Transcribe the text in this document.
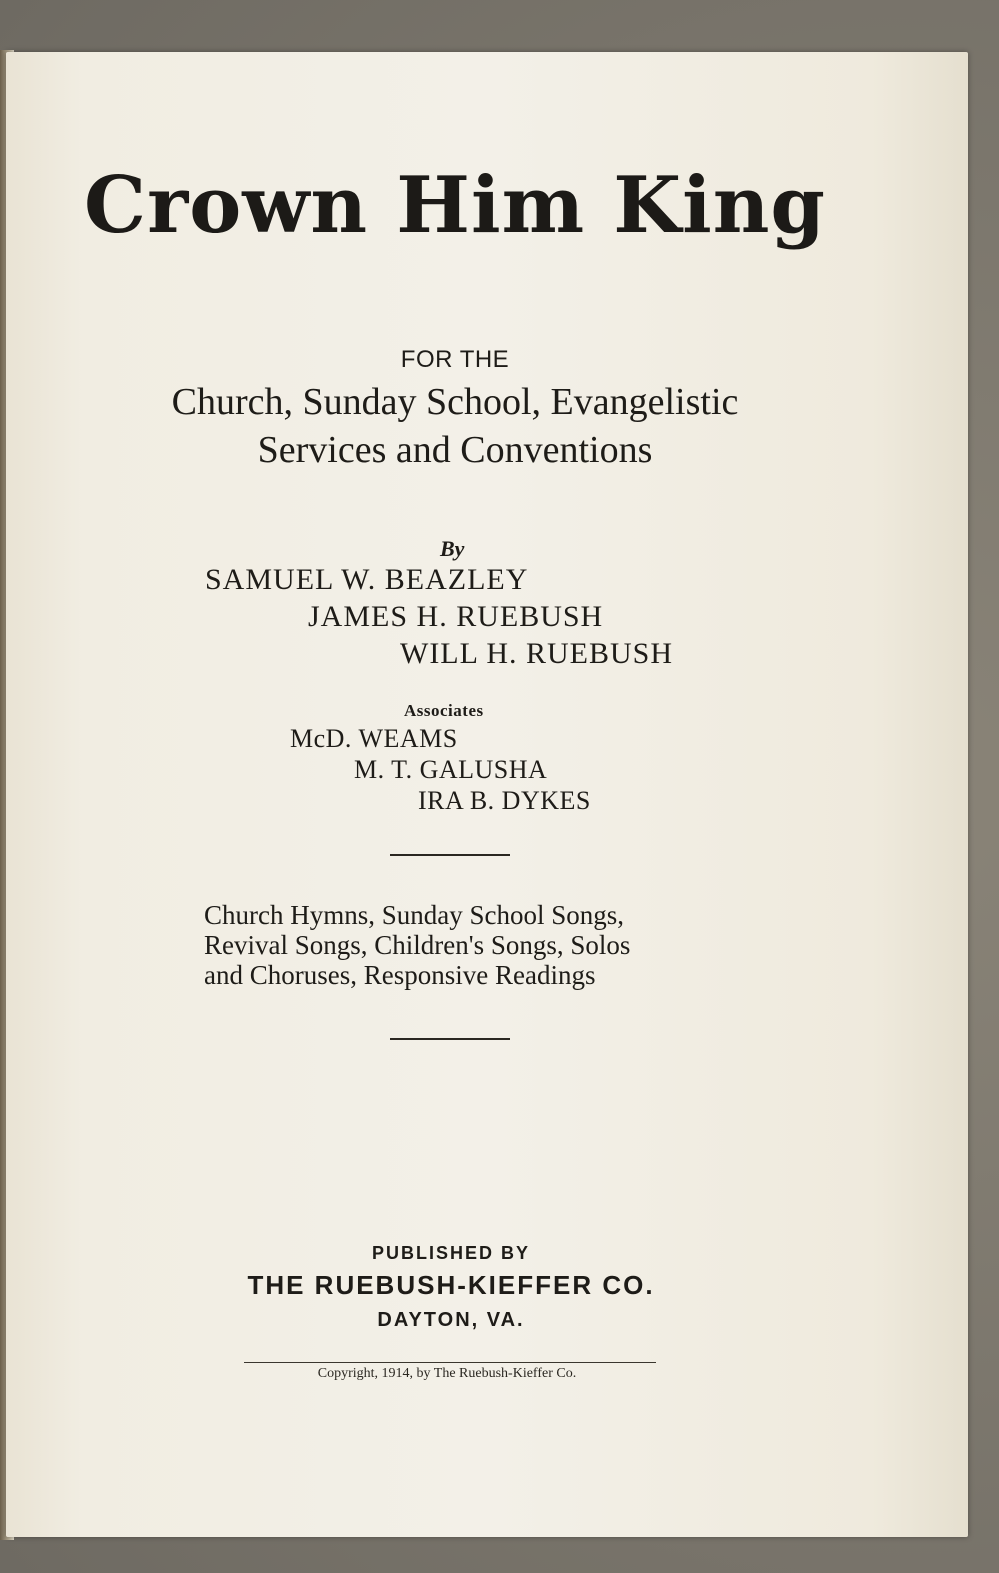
Crown Him King
FOR THE
Church, Sunday School, Evangelistic
Services and Conventions
By
SAMUEL W. BEAZLEY
JAMES H. RUEBUSH
WILL H. RUEBUSH
Associates
McD. WEAMS
M. T. GALUSHA
IRA B. DYKES
Church Hymns, Sunday School Songs,
Revival Songs, Children's Songs, Solos
and Choruses, Responsive Readings
PUBLISHED BY
THE RUEBUSH-KIEFFER CO.
DAYTON, VA.
Copyright, 1914, by The Ruebush-Kieffer Co.
